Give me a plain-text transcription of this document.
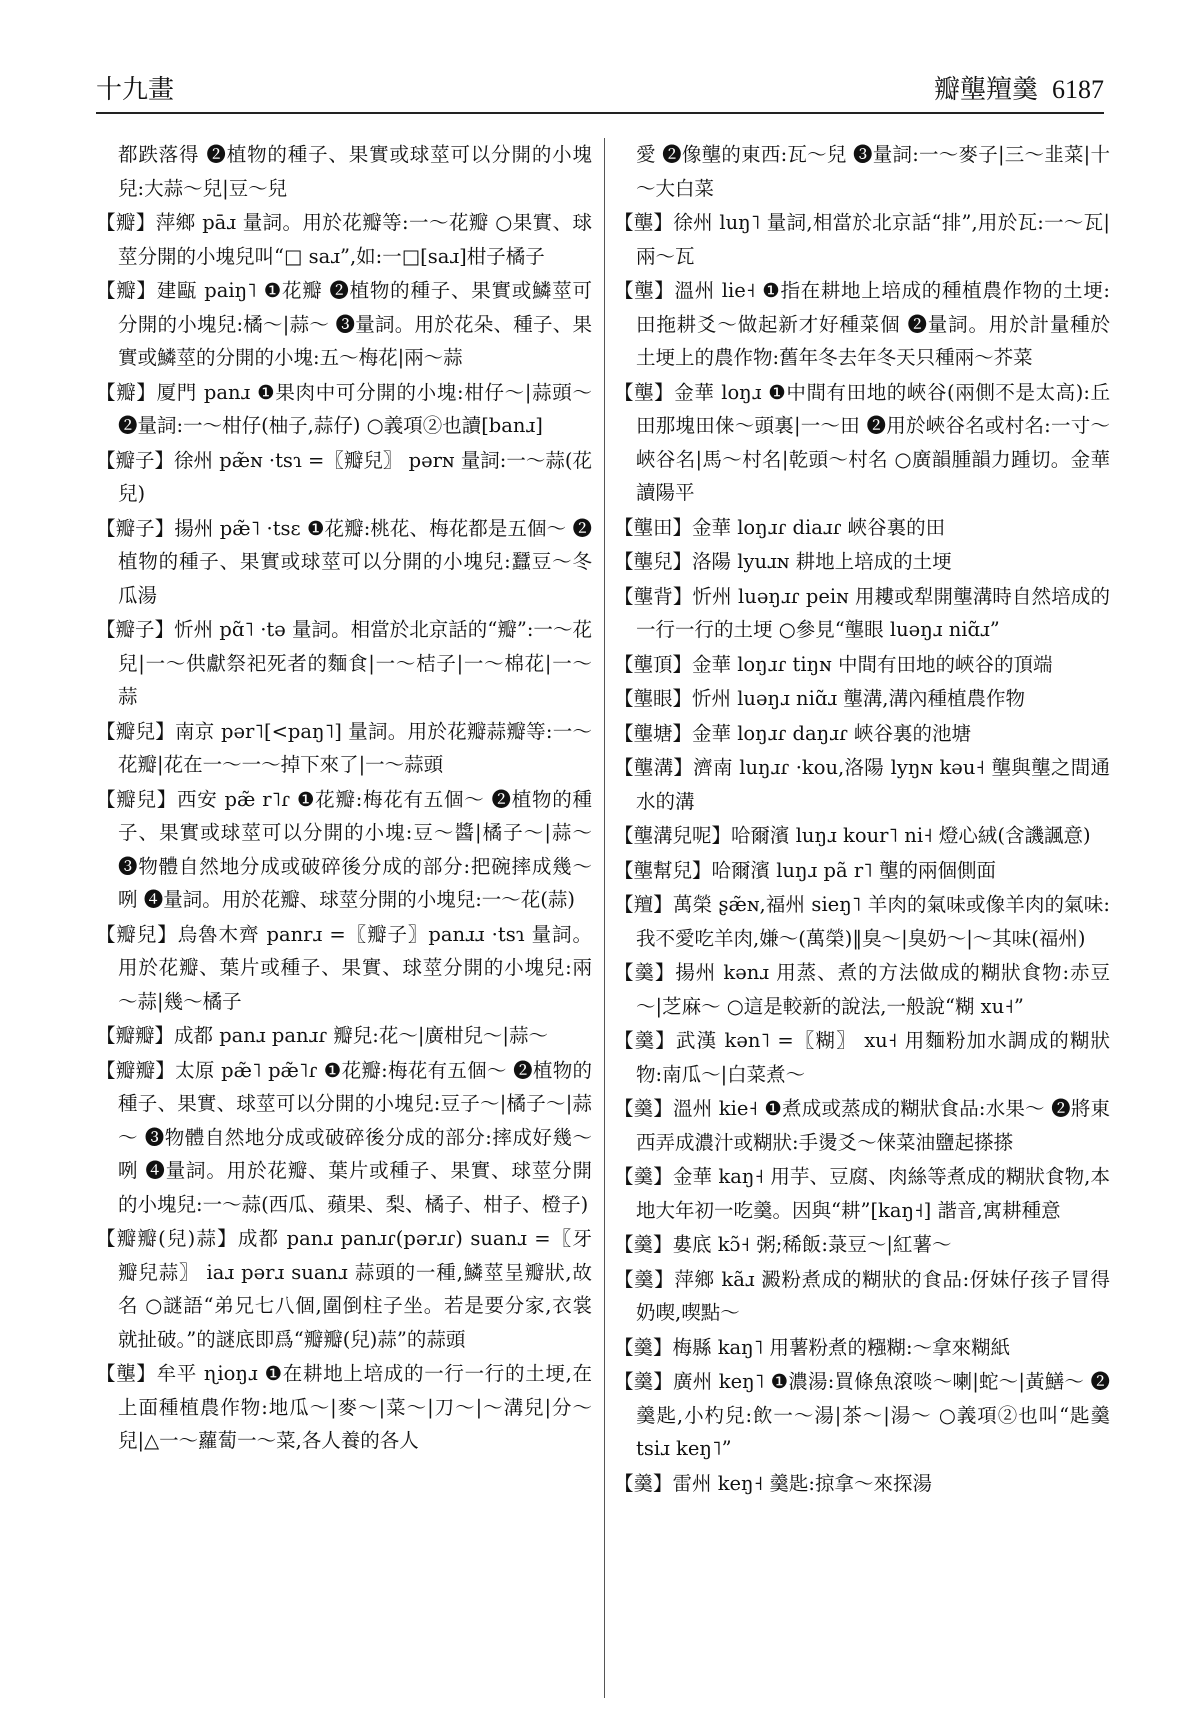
十九畫	瓣壟羶羹 6187

都跌落得 ❷植物的種子、果實或球莖可以分開的小塊兒:大蒜～兒|豆～兒

【瓣】萍鄉 pāɹ 量詞。用於花瓣等:一～花瓣 ○果實、球莖分開的小塊兒叫“□ saɹ”,如:一□[saɹ]柑子橘子

【瓣】建甌 paiŋ˥ ❶花瓣 ❷植物的種子、果實或鱗莖可分開的小塊兒:橘～|蒜～ ❸量詞。用於花朵、種子、果實或鱗莖的分開的小塊:五～梅花|兩～蒜

【瓣】厦門 panɹ ❶果肉中可分開的小塊:柑仔～|蒜頭～ ❷量詞:一～柑仔(柚子,蒜仔) ○義項②也讀[banɹ]

【瓣子】徐州 pæ̃ɴ ·tsɿ =〖瓣兒〗 pərɴ 量詞:一～蒜(花兒)

【瓣子】揚州 pæ̃˥ ·tsɛ ❶花瓣:桃花、梅花都是五個～ ❷植物的種子、果實或球莖可以分開的小塊兒:蠶豆～冬瓜湯

【瓣子】忻州 pɑ̃˥ ·tə 量詞。相當於北京話的“瓣”:一～花兒|一～供獻祭祀死者的麵食|一～桔子|一～棉花|一～蒜

【瓣兒】南京 pər˥[<paŋ˥] 量詞。用於花瓣蒜瓣等:一～花瓣|花在一～一～掉下來了|一～蒜頭

【瓣兒】西安 pæ̃ r˥ɾ ❶花瓣:梅花有五個～ ❷植物的種子、果實或球莖可以分開的小塊:豆～醬|橘子～|蒜～ ❸物體自然地分成或破碎後分成的部分:把碗摔成幾～咧 ❹量詞。用於花瓣、球莖分開的小塊兒:一～花(蒜)

【瓣兒】烏魯木齊 panrɹ =〖瓣子〗panɹɹ ·tsɿ 量詞。用於花瓣、葉片或種子、果實、球莖分開的小塊兒:兩～蒜|幾～橘子

【瓣瓣】成都 panɹ panɹɾ 瓣兒:花～|廣柑兒～|蒜～

【瓣瓣】太原 pæ̃˥ pæ̃˥ɾ ❶花瓣:梅花有五個～ ❷植物的種子、果實、球莖可以分開的小塊兒:豆子～|橘子～|蒜～ ❸物體自然地分成或破碎後分成的部分:摔成好幾～咧 ❹量詞。用於花瓣、葉片或種子、果實、球莖分開的小塊兒:一～蒜(西瓜、蘋果、梨、橘子、柑子、橙子)

【瓣瓣(兒)蒜】成都 panɹ panɹɾ(pərɹɾ) suanɹ =〖牙瓣兒蒜〗 iaɹ pərɹ suanɹ 蒜頭的一種,鱗莖呈瓣狀,故名 ○謎語“弟兄七八個,圍倒柱子坐。若是要分家,衣裳就扯破。”的謎底即爲“瓣瓣(兒)蒜”的蒜頭

【壟】牟平 ɳioŋɹ ❶在耕地上培成的一行一行的土埂,在上面種植農作物:地瓜～|麥～|菜～|刀～|～溝兒|分～兒|△一～蘿蔔一～菜,各人養的各人

愛 ❷像壟的東西:瓦～兒 ❸量詞:一～麥子|三～韭菜|十～大白菜

【壟】徐州 luŋ˥ 量詞,相當於北京話“排”,用於瓦:一～瓦|兩～瓦

【壟】溫州 lie˧ ❶指在耕地上培成的種植農作物的土埂:田拖耕爻～做起新才好種菜個 ❷量詞。用於計量種於土埂上的農作物:舊年冬去年冬天只種兩～芥菜

【壟】金華 loŋɹ ❶中間有田地的峽谷(兩側不是太高):丘田那塊田俫～頭裏|一～田 ❷用於峽谷名或村名:一寸～峽谷名|馬～村名|乾頭～村名 ○廣韻腫韻力踵切。金華讀陽平

【壟田】金華 loŋɹɾ diaɹɾ 峽谷裏的田

【壟兒】洛陽 lyuɹɴ 耕地上培成的土埂

【壟背】忻州 luəŋɹɾ peiɴ 用耬或犁開壟溝時自然培成的一行一行的土埂 ○參見“壟眼 luəŋɹ niɑ̃ɹ”

【壟頂】金華 loŋɹɾ tiŋɴ 中間有田地的峽谷的頂端

【壟眼】忻州 luəŋɹ niɑ̃ɹ 壟溝,溝內種植農作物

【壟塘】金華 loŋɹɾ daŋɹɾ 峽谷裏的池塘

【壟溝】濟南 luŋɹɾ ·kou,洛陽 lyŋɴ kəu˧ 壟與壟之間通水的溝

【壟溝兒呢】哈爾濱 luŋɹ kour˥ ni˧ 燈心絨(含譏諷意)

【壟幫兒】哈爾濱 luŋɹ pã r˥ 壟的兩個側面

【羶】萬榮 ʂæ̃ɴ,福州 sieŋ˥ 羊肉的氣味或像羊肉的氣味:我不愛吃羊肉,嫌～(萬榮)‖臭～|臭奶～|～其味(福州)

【羹】揚州 kənɹ 用蒸、煮的方法做成的糊狀食物:赤豆～|芝麻～ ○這是較新的說法,一般說“糊 xu˧”

【羹】武漢 kən˥ =〖糊〗 xu˧ 用麵粉加水調成的糊狀物:南瓜～|白菜煮～

【羹】溫州 kie˧ ❶煮成或蒸成的糊狀食品:水果～ ❷將東西弄成濃汁或糊狀:手燙爻～俫菜油鹽起搽搽

【羹】金華 kaŋ˧ 用芋、豆腐、肉絲等煮成的糊狀食物,本地大年初一吃羹。因與“耕”[kaŋ˧] 諧音,寓耕種意

【羹】婁底 kɔ̃˧ 粥;稀飯:菉豆～|紅薯～

【羹】萍鄉 kãɹ 澱粉煮成的糊狀的食品:伢妹仔孩子冒得奶喫,喫點～

【羹】梅縣 kaŋ˥ 用薯粉煮的糨糊:～拿來糊紙

【羹】廣州 keŋ˥ ❶濃湯:買條魚滾啖～喇|蛇～|黃鱔～ ❷羹匙,小杓兒:飲一～湯|茶～|湯～ ○義項②也叫“匙羹 tsiɹ keŋ˥”

【羹】雷州 keŋ˧ 羹匙:掠拿～來探湯
